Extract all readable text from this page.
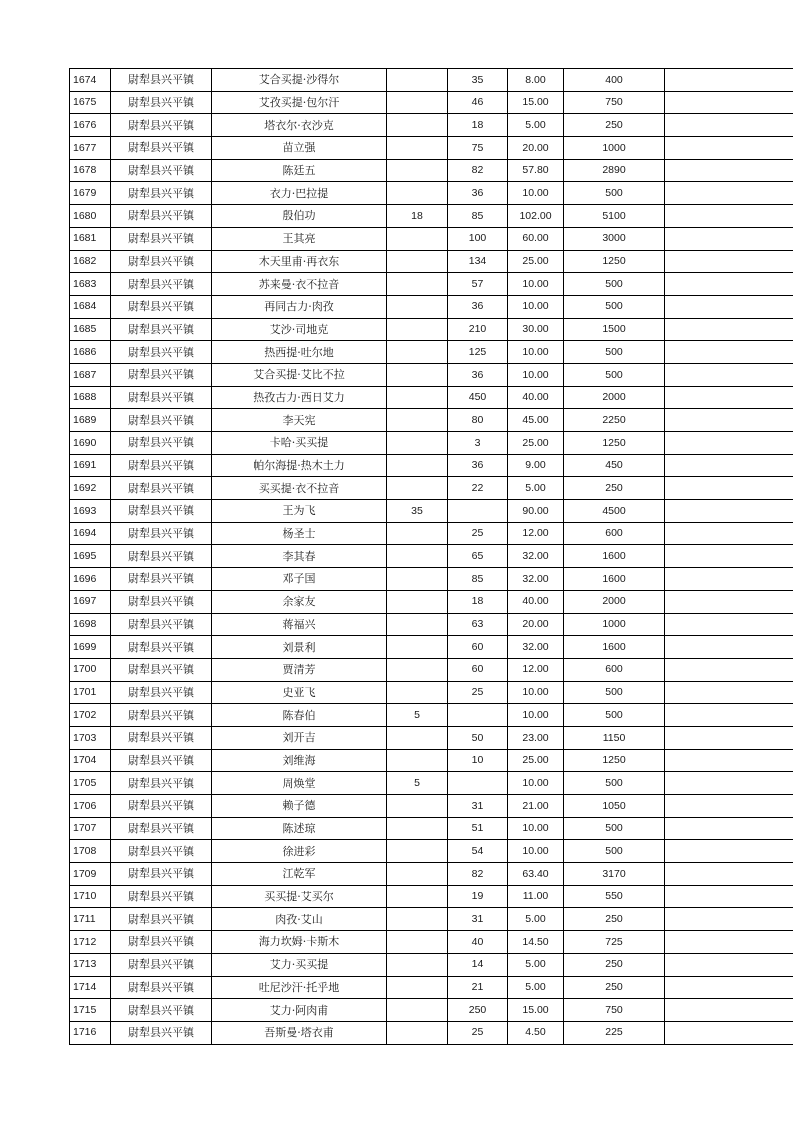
1674	尉犁县兴平镇	艾合买提·沙得尔		35	8.00	400	
1675	尉犁县兴平镇	艾孜买提·包尔汗		46	15.00	750	
1676	尉犁县兴平镇	塔衣尔·衣沙克		18	5.00	250	
1677	尉犁县兴平镇	苗立强		75	20.00	1000	
1678	尉犁县兴平镇	陈廷五		82	57.80	2890	
1679	尉犁县兴平镇	衣力·巴拉提		36	10.00	500	
1680	尉犁县兴平镇	殷伯功	18	85	102.00	5100	
1681	尉犁县兴平镇	王其亮		100	60.00	3000	
1682	尉犁县兴平镇	木天里甫·再衣东		134	25.00	1250	
1683	尉犁县兴平镇	苏来曼·衣不拉音		57	10.00	500	
1684	尉犁县兴平镇	再同古力·肉孜		36	10.00	500	
1685	尉犁县兴平镇	艾沙·司地克		210	30.00	1500	
1686	尉犁县兴平镇	热西提·吐尔地		125	10.00	500	
1687	尉犁县兴平镇	艾合买提·艾比不拉		36	10.00	500	
1688	尉犁县兴平镇	热孜古力·西日艾力		450	40.00	2000	
1689	尉犁县兴平镇	李天宪		80	45.00	2250	
1690	尉犁县兴平镇	卡哈·买买提		3	25.00	1250	
1691	尉犁县兴平镇	帕尔海提·热木土力		36	9.00	450	
1692	尉犁县兴平镇	买买提·衣不拉音		22	5.00	250	
1693	尉犁县兴平镇	王为飞	35		90.00	4500	
1694	尉犁县兴平镇	杨圣士		25	12.00	600	
1695	尉犁县兴平镇	李其春		65	32.00	1600	
1696	尉犁县兴平镇	邓子国		85	32.00	1600	
1697	尉犁县兴平镇	余家友		18	40.00	2000	
1698	尉犁县兴平镇	蒋福兴		63	20.00	1000	
1699	尉犁县兴平镇	刘景利		60	32.00	1600	
1700	尉犁县兴平镇	贾清芳		60	12.00	600	
1701	尉犁县兴平镇	史亚飞		25	10.00	500	
1702	尉犁县兴平镇	陈春伯	5		10.00	500	
1703	尉犁县兴平镇	刘开吉		50	23.00	1150	
1704	尉犁县兴平镇	刘维海		10	25.00	1250	
1705	尉犁县兴平镇	周焕堂	5		10.00	500	
1706	尉犁县兴平镇	赖子德		31	21.00	1050	
1707	尉犁县兴平镇	陈述琼		51	10.00	500	
1708	尉犁县兴平镇	徐进彩		54	10.00	500	
1709	尉犁县兴平镇	江乾军		82	63.40	3170	
1710	尉犁县兴平镇	买买提·艾买尔		19	11.00	550	
1711	尉犁县兴平镇	肉孜·艾山		31	5.00	250	
1712	尉犁县兴平镇	海力坎姆·卡斯木		40	14.50	725	
1713	尉犁县兴平镇	艾力·买买提		14	5.00	250	
1714	尉犁县兴平镇	吐尼沙汗·托乎地		21	5.00	250	
1715	尉犁县兴平镇	艾力·阿肉甫		250	15.00	750	
1716	尉犁县兴平镇	吾斯曼·塔衣甫		25	4.50	225	
